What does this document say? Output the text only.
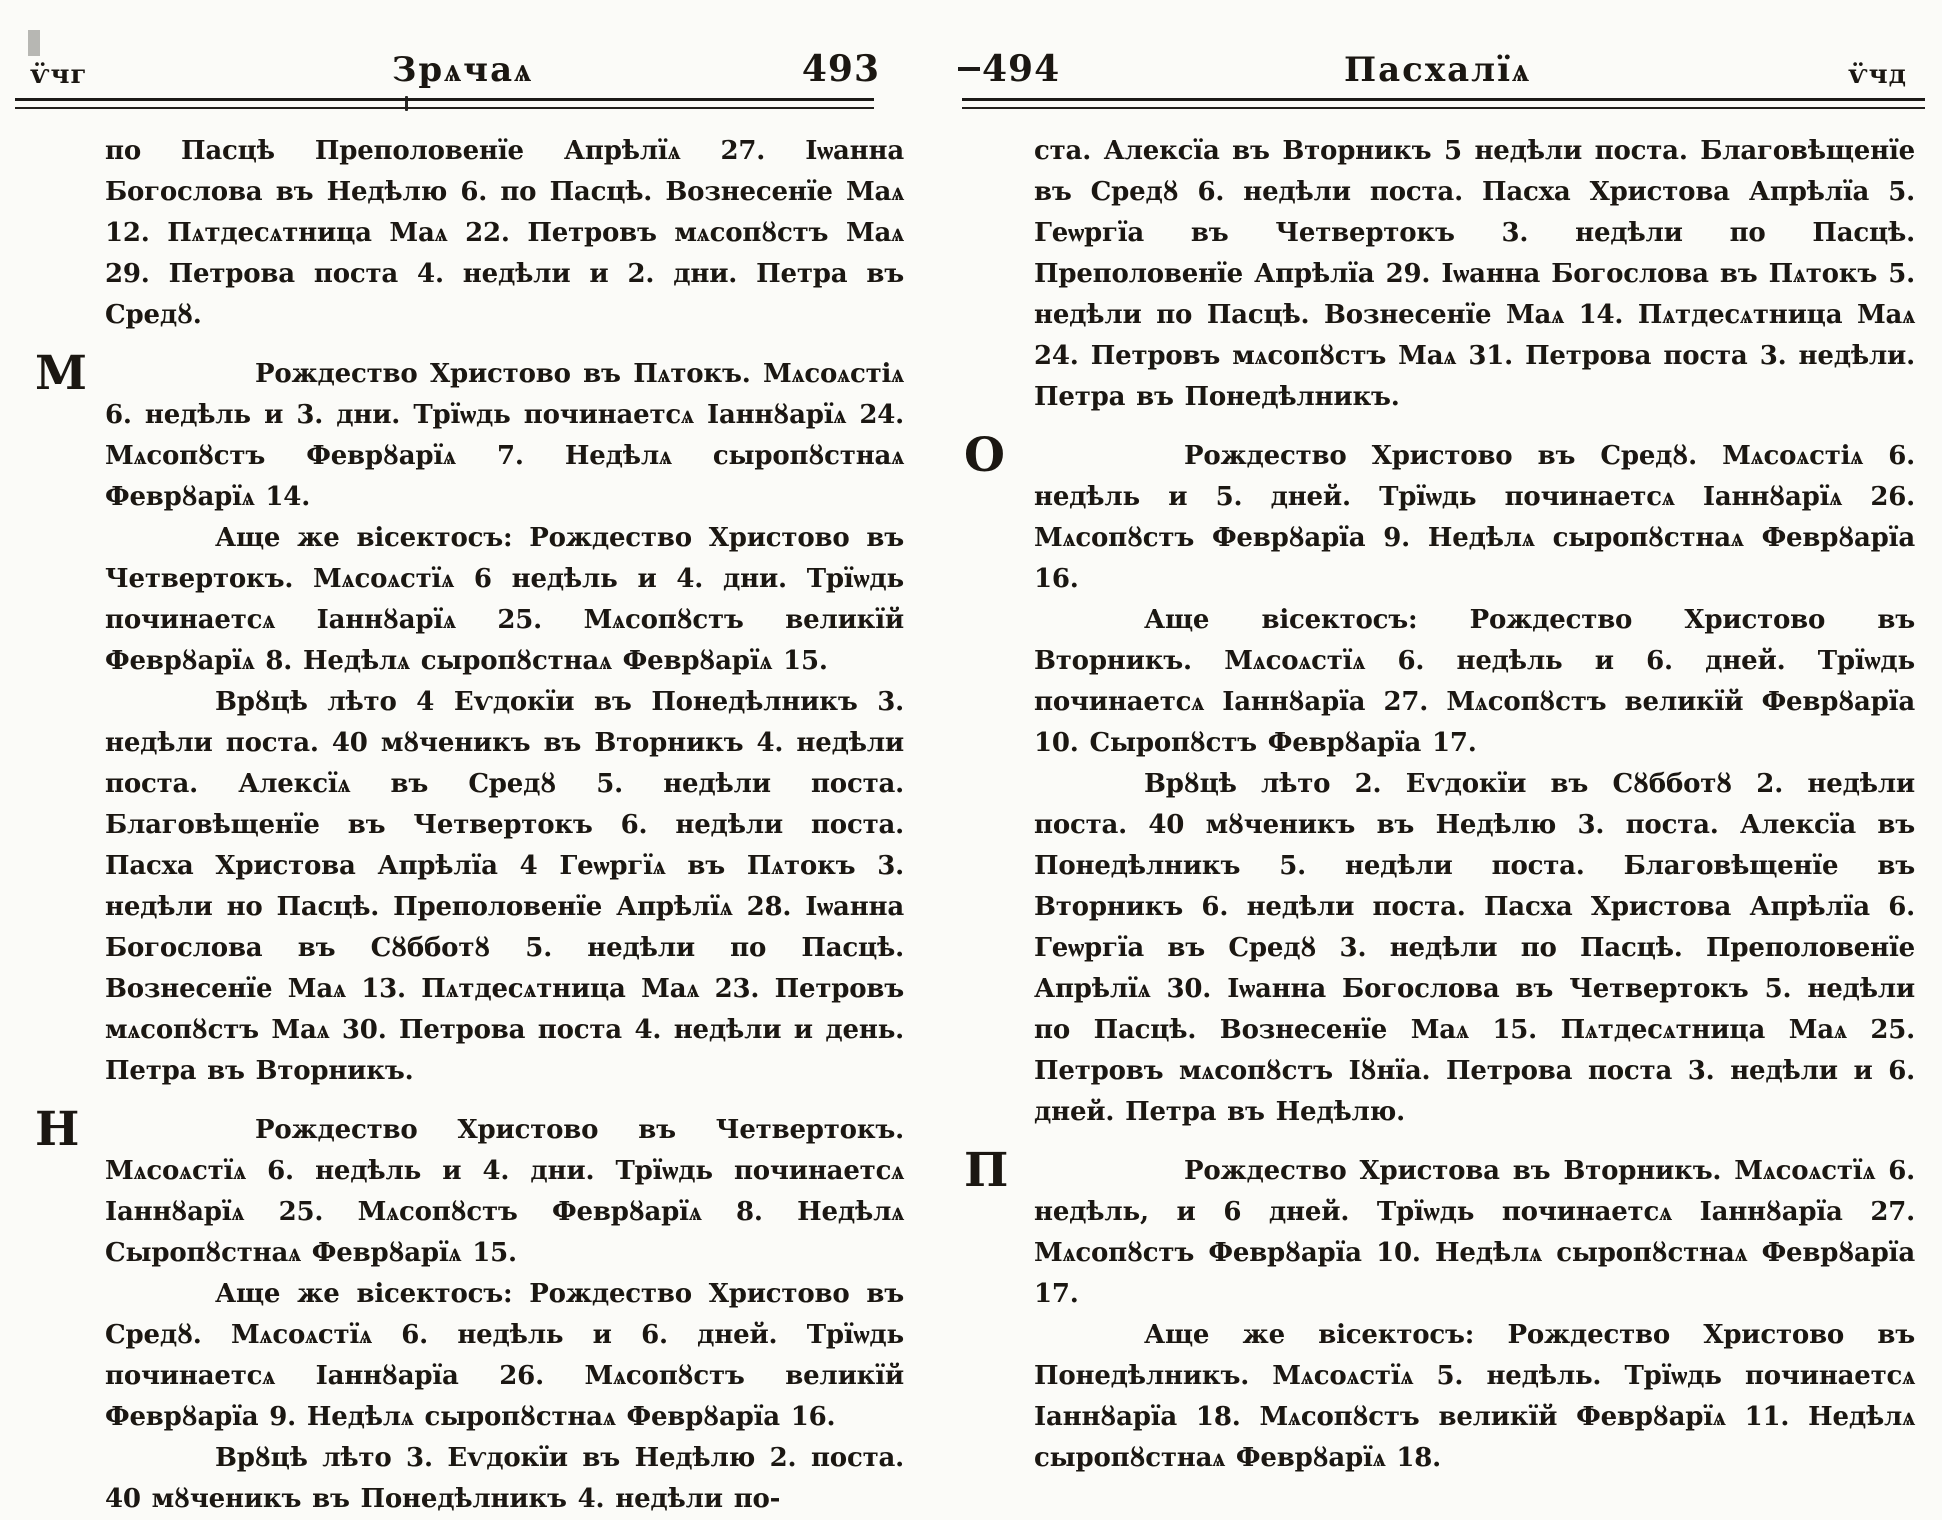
ѵ̈чг	Зрѧчаѧ	493

по Пасцѣ Преполовенїе Апрѣлїѧ 27. Іѡанна Богослова въ Недѣлю 6. по Пасцѣ. Вознесенїе Маѧ 12. Пѧтдесѧтница Маѧ 22. Петровъ мѧсопȣстъ Маѧ 29. Петрова поста 4. недѣли и 2. дни. Петра въ Средȣ.

М	Рождество Христово въ Пѧтокъ. Мѧсоѧстіѧ 6. недѣль и 3. дни. Трїѡдь починаетсѧ Іаннȣарїѧ 24. Мѧсопȣстъ Феврȣарїѧ 7. Недѣлѧ сыропȣстнаѧ Феврȣарїѧ 14.

Аще же вісектосъ: Рождество Христово въ Четвертокъ. Мѧсоѧстїѧ 6 недѣль и 4. дни. Трїѡдь починаетсѧ Іаннȣарїѧ 25. Мѧсопȣстъ великїй Феврȣарїѧ 8. Недѣлѧ сыропȣстнаѧ Феврȣарїѧ 15.

Врȣцѣ лѣто 4 Еѵдокїи въ Понедѣлникъ 3. недѣли поста. 40 мȣченикъ въ Вторникъ 4. недѣли поста. Алексїѧ въ Средȣ 5. недѣли поста. Благовѣщенїе въ Четвертокъ 6. недѣли поста. Пасха Христова Апрѣлїа 4 Геѡргїѧ въ Пѧтокъ 3. недѣли но Пасцѣ. Преполовенїе Апрѣлїѧ 28. Іѡанна Богослова въ Сȣбботȣ 5. недѣли по Пасцѣ. Вознесенїе Маѧ 13. Пѧтдесѧтница Маѧ 23. Петровъ мѧсопȣстъ Маѧ 30. Петрова поста 4. недѣли и день. Петра въ Вторникъ.

Н	Рождество Христово въ Четвертокъ. Мѧсоѧстїѧ 6. недѣль и 4. дни. Трїѡдь починаетсѧ Іаннȣарїѧ 25. Мѧсопȣстъ Феврȣарїѧ 8. Недѣлѧ Сыропȣстнаѧ Феврȣарїѧ 15.

Аще же вісектосъ: Рождество Христово въ Средȣ. Мѧсоѧстїѧ 6. недѣль и 6. дней. Трїѡдь починаетсѧ Іаннȣарїа 26. Мѧсопȣстъ великїй Феврȣарїа 9. Недѣлѧ сыропȣстнаѧ Феврȣарїа 16.

Врȣцѣ лѣто 3. Еѵдокїи въ Недѣлю 2. поста. 40 мȣченикъ въ Понедѣлникъ 4. недѣли по-

494	Пасхалїѧ	ѵ̈чд

ста. Алексїа въ Вторникъ 5 недѣли поста. Благовѣщенїе въ Средȣ 6. недѣли поста. Пасха Христова Апрѣлїа 5. Геѡргїа въ Четвертокъ 3. недѣли по Пасцѣ. Преполовенїе Апрѣлїа 29. Іѡанна Богослова въ Пѧтокъ 5. недѣли по Пасцѣ. Вознесенїе Маѧ 14. Пѧтдесѧтница Маѧ 24. Петровъ мѧсопȣстъ Маѧ 31. Петрова поста 3. недѣли. Петра въ Понедѣлникъ.

О	Рождество Христово въ Средȣ. Мѧсоѧстіѧ 6. недѣль и 5. дней. Трїѡдь починаетсѧ Іаннȣарїѧ 26. Мѧсопȣстъ Феврȣарїа 9. Недѣлѧ сыропȣстнаѧ Феврȣарїа 16.

Аще вісектосъ: Рождество Христово въ Вторникъ. Мѧсоѧстїѧ 6. недѣль и 6. дней. Трїѡдь починаетсѧ Іаннȣарїа 27. Мѧсопȣстъ великїй Феврȣарїа 10. Сыропȣстъ Феврȣарїа 17.

Врȣцѣ лѣто 2. Еѵдокїи въ Сȣбботȣ 2. недѣли поста. 40 мȣченикъ въ Недѣлю 3. поста. Алексїа въ Понедѣлникъ 5. недѣли поста. Благовѣщенїе въ Вторникъ 6. недѣли поста. Пасха Христова Апрѣлїа 6. Геѡргїа въ Средȣ 3. недѣли по Пасцѣ. Преполовенїе Апрѣлїѧ 30. Іѡанна Богослова въ Четвертокъ 5. недѣли по Пасцѣ. Вознесенїе Маѧ 15. Пѧтдесѧтница Маѧ 25. Петровъ мѧсопȣстъ Іȣнїа. Петрова поста 3. недѣли и 6. дней. Петра въ Недѣлю.

П	Рождество Христова въ Вторникъ. Мѧсоѧстїѧ 6. недѣль, и 6 дней. Трїѡдь починаетсѧ Іаннȣарїа 27. Мѧсопȣстъ Феврȣарїа 10. Недѣлѧ сыропȣстнаѧ Феврȣарїа 17.

Аще же вісектосъ: Рождество Христово въ Понедѣлникъ. Мѧсоѧстїѧ 5. недѣль. Трїѡдь починаетсѧ Іаннȣарїа 18. Мѧсопȣстъ великїй Феврȣарїѧ 11. Недѣлѧ сыропȣстнаѧ Феврȣарїѧ 18.
